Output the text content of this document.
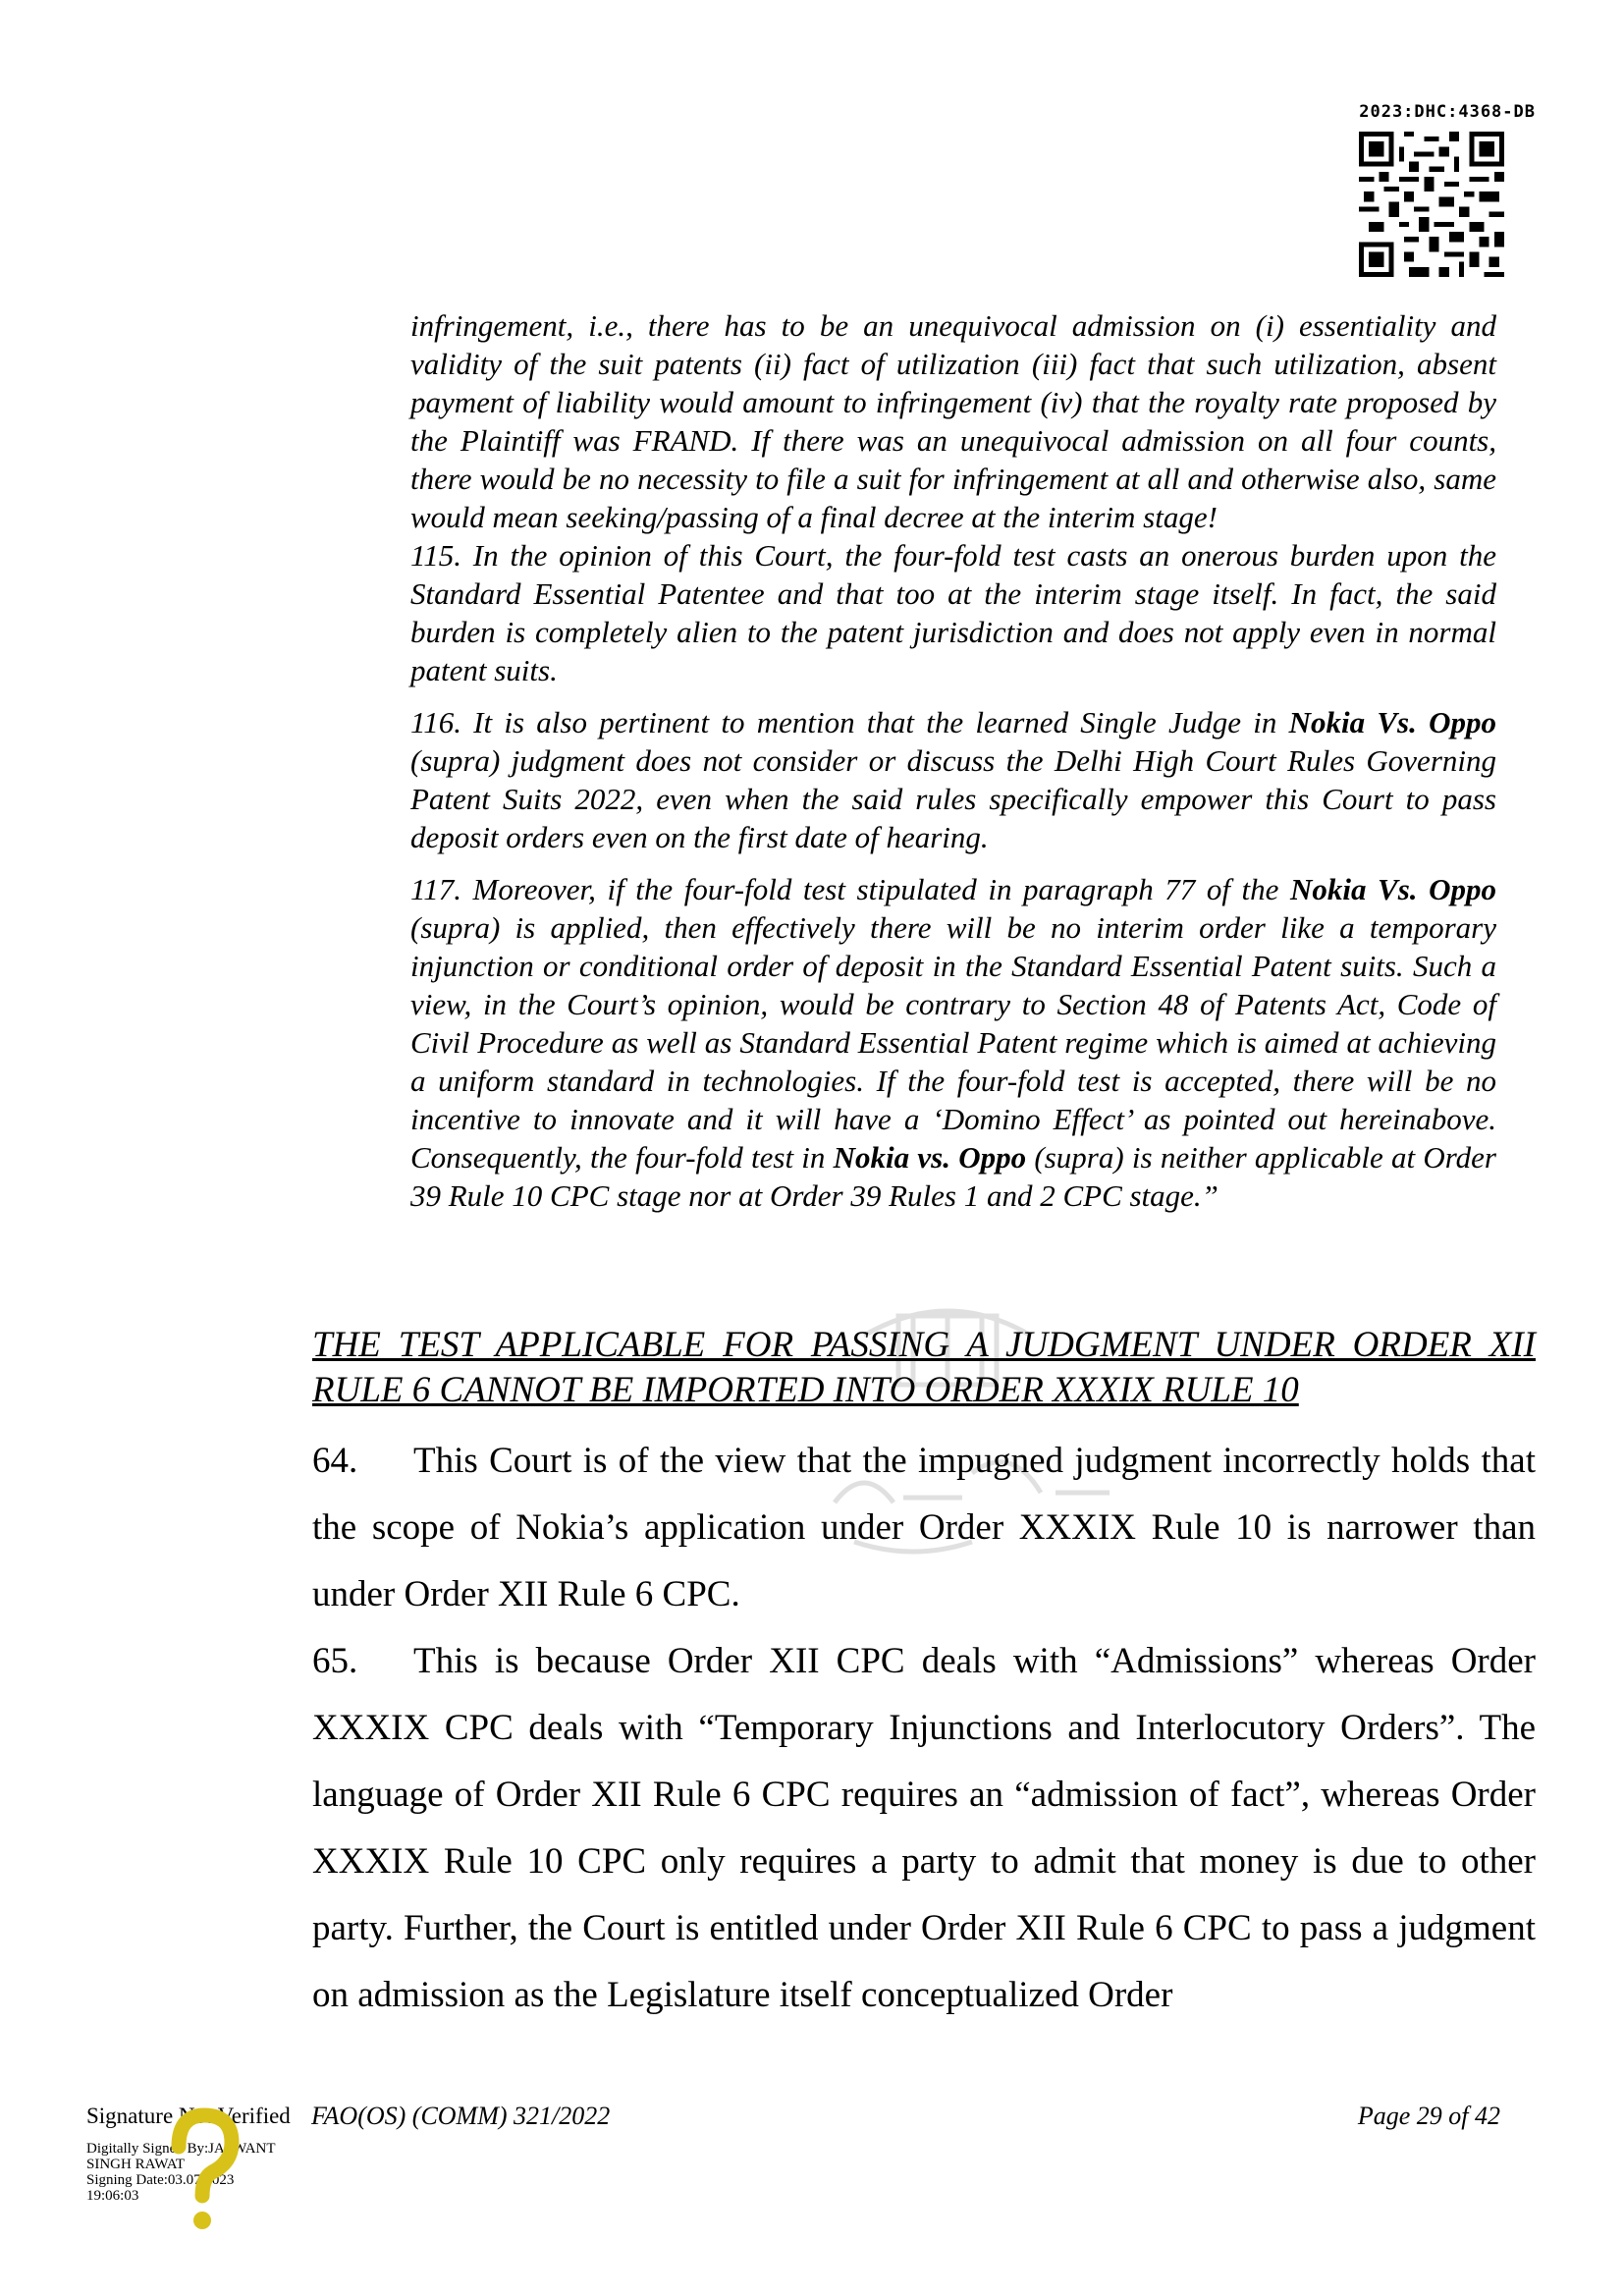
2023:DHC:4368-DB

infringement, i.e., there has to be an unequivocal admission on (i) essentiality and validity of the suit patents (ii) fact of utilization (iii) fact that such utilization, absent payment of liability would amount to infringement (iv) that the royalty rate proposed by the Plaintiff was FRAND. If there was an unequivocal admission on all four counts, there would be no necessity to file a suit for infringement at all and otherwise also, same would mean seeking/passing of a final decree at the interim stage!

115. In the opinion of this Court, the four-fold test casts an onerous burden upon the Standard Essential Patentee and that too at the interim stage itself. In fact, the said burden is completely alien to the patent jurisdiction and does not apply even in normal patent suits.

116. It is also pertinent to mention that the learned Single Judge in Nokia Vs. Oppo (supra) judgment does not consider or discuss the Delhi High Court Rules Governing Patent Suits 2022, even when the said rules specifically empower this Court to pass deposit orders even on the first date of hearing.

117. Moreover, if the four-fold test stipulated in paragraph 77 of the Nokia Vs. Oppo (supra) is applied, then effectively there will be no interim order like a temporary injunction or conditional order of deposit in the Standard Essential Patent suits. Such a view, in the Court’s opinion, would be contrary to Section 48 of Patents Act, Code of Civil Procedure as well as Standard Essential Patent regime which is aimed at achieving a uniform standard in technologies. If the four-fold test is accepted, there will be no incentive to innovate and it will have a ‘Domino Effect’ as pointed out hereinabove. Consequently, the four-fold test in Nokia vs. Oppo (supra) is neither applicable at Order 39 Rule 10 CPC stage nor at Order 39 Rules 1 and 2 CPC stage.”

THE TEST APPLICABLE FOR PASSING A JUDGMENT UNDER ORDER XII RULE 6 CANNOT BE IMPORTED INTO ORDER XXXIX RULE 10

64. This Court is of the view that the impugned judgment incorrectly holds that the scope of Nokia’s application under Order XXXIX Rule 10 is narrower than under Order XII Rule 6 CPC.

65. This is because Order XII CPC deals with “Admissions” whereas Order XXXIX CPC deals with “Temporary Injunctions and Interlocutory Orders”. The language of Order XII Rule 6 CPC requires an “admission of fact”, whereas Order XXXIX Rule 10 CPC only requires a party to admit that money is due to other party. Further, the Court is entitled under Order XII Rule 6 CPC to pass a judgment on admission as the Legislature itself conceptualized Order

Signature Not Verified
Digitally Signed By:JASWANT
SINGH RAWAT
Signing Date:03.07.2023
19:06:03
FAO(OS) (COMM) 321/2022	Page 29 of 42
